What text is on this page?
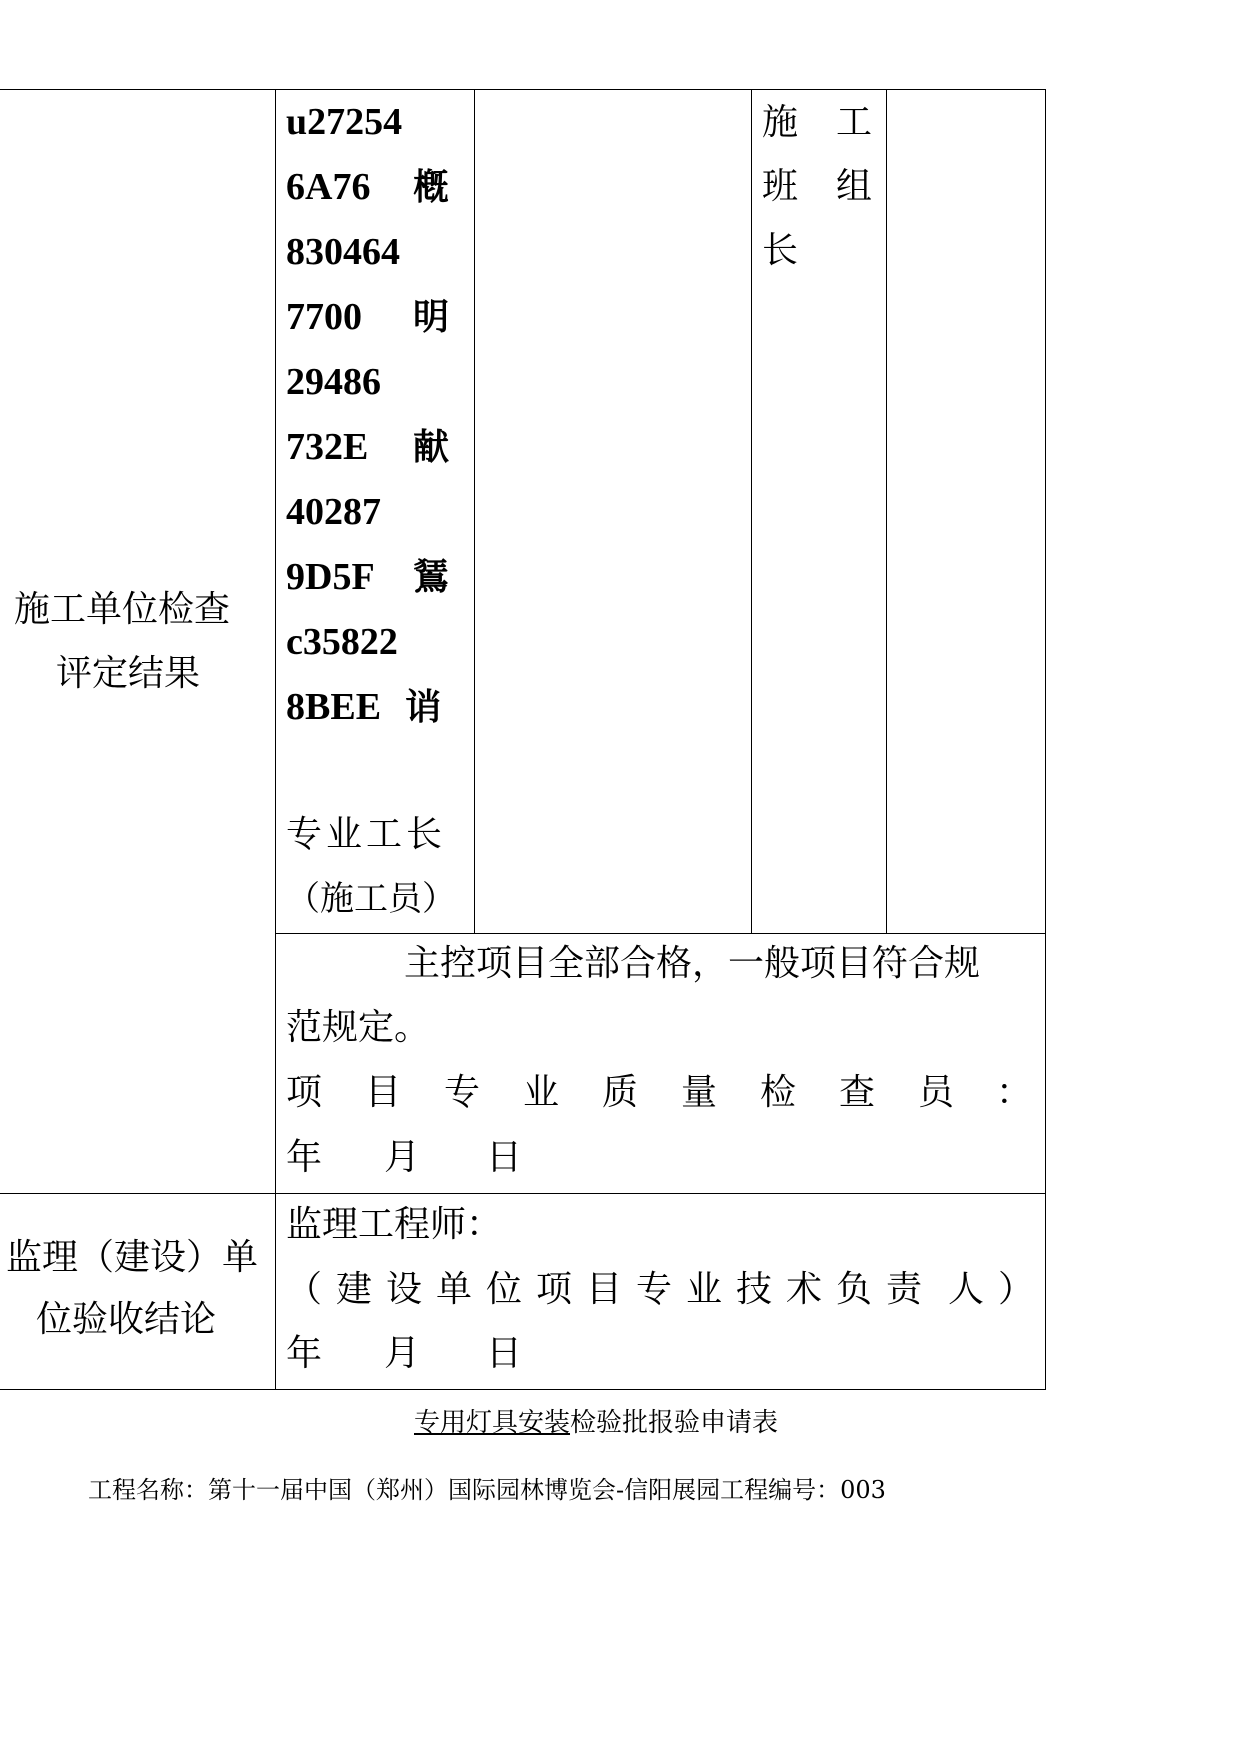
施工单位检查
评定结果
监理（建设）单
位验收结论
u27254
6A76 槪
830464
7700 明
29486
732E 献
40287
9D5F 鵟
c35822
8BEE 诮
专业工长
（施工员）
施 工
班 组
长
主控项目全部合格，一般项目符合规
范规定。
项 目 专 业 质 量 检 查 员 ：
年 月 日
监理工程师：
（ 建 设 单 位 项 目 专 业 技 术 负 责 人 ）
年 月 日
专用灯具安装检验批报验申请表
工程名称：第十一届中国（郑州）国际园林博览会-信阳展园工程编号：003
